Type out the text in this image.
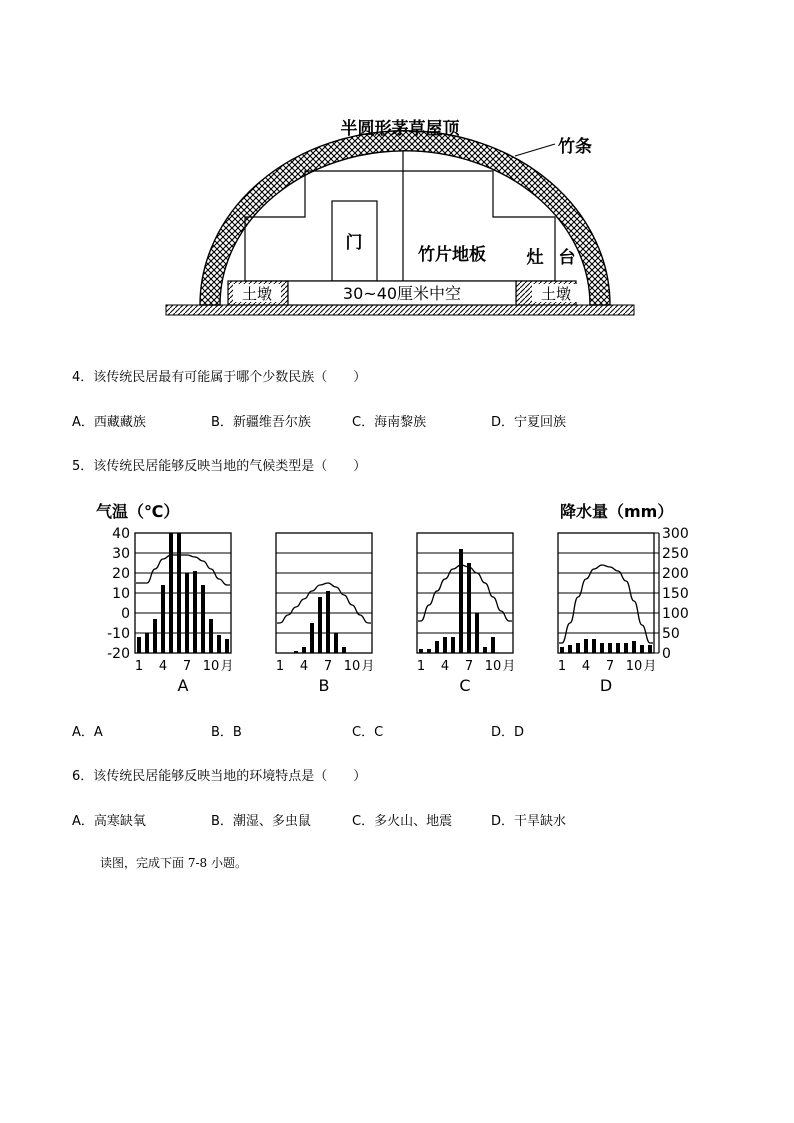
半圆形茅草屋顶
竹条
门
竹片地板 灶 台
土墩	30~40厘米中空	土墩
4．该传统民居最有可能属于哪个少数民族（　　）
A．西藏藏族	B．新疆维吾尔族	C．海南黎族	D．宁夏回族
5．该传统民居能够反映当地的气候类型是（　　）
气温（℃）	降水量（mm）
40
30
20
10
0
-10
-20
300
250
200
150
100
50
0
1 4 7 10 月
A
1 4 7 10 月
B
1 4 7 10 月
C
1 4 7 10 月
D
A．A	B．B	C．C	D．D
6．该传统民居能够反映当地的环境特点是（　　）
A．高寒缺氧	B．潮湿、多虫鼠	C．多火山、地震	D．干旱缺水
读图，完成下面 7-8 小题。
